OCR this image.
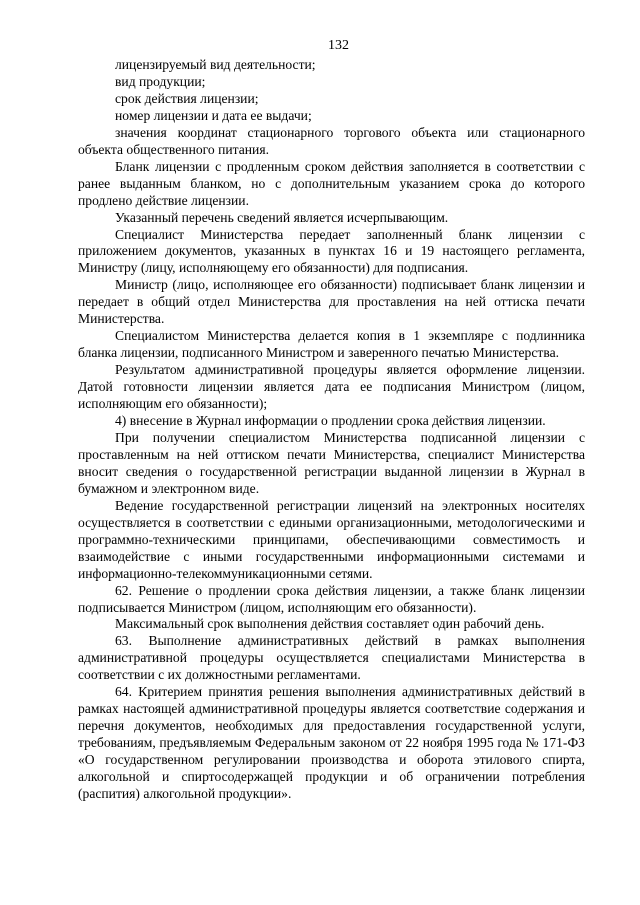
132

лицензируемый вид деятельности;

вид продукции;

срок действия лицензии;

номер лицензии и дата ее выдачи;

значения координат стационарного торгового объекта или стационарного объекта общественного питания.

Бланк лицензии с продленным сроком действия заполняется в соответствии с ранее выданным бланком, но с дополнительным указанием срока до которого продлено действие лицензии.

Указанный перечень сведений является исчерпывающим.

Специалист Министерства передает заполненный бланк лицензии с приложением документов, указанных в пунктах 16 и 19 настоящего регламента, Министру (лицу, исполняющему его обязанности) для подписания.

Министр (лицо, исполняющее его обязанности) подписывает бланк лицензии и передает в общий отдел Министерства для проставления на ней оттиска печати Министерства.

Специалистом Министерства делается копия в 1 экземпляре с подлинника бланка лицензии, подписанного Министром и заверенного печатью Министерства.

Результатом административной процедуры является оформление лицензии. Датой готовности лицензии является дата ее подписания Министром (лицом, исполняющим его обязанности);

4) внесение в Журнал информации о продлении срока действия лицензии.

При получении специалистом Министерства подписанной лицензии с проставленным на ней оттиском печати Министерства, специалист Министерства вносит сведения о государственной регистрации выданной лицензии в Журнал в бумажном и электронном виде.

Ведение государственной регистрации лицензий на электронных носителях осуществляется в соответствии с едиными организационными, методологическими и программно-техническими принципами, обеспечивающими совместимость и взаимодействие с иными государственными информационными системами и информационно-телекоммуникационными сетями.

62. Решение о продлении срока действия лицензии, а также бланк лицензии подписывается Министром (лицом, исполняющим его обязанности).

Максимальный срок выполнения действия составляет один рабочий день.

63. Выполнение административных действий в рамках выполнения административной процедуры осуществляется специалистами Министерства в соответствии с их должностными регламентами.

64. Критерием принятия решения выполнения административных действий в рамках настоящей административной процедуры является соответствие содержания и перечня документов, необходимых для предоставления государственной услуги, требованиям, предъявляемым Федеральным законом от 22 ноября 1995 года № 171-ФЗ «О государственном регулировании производства и оборота этилового спирта, алкогольной и спиртосодержащей продукции и об ограничении потребления (распития) алкогольной продукции».
